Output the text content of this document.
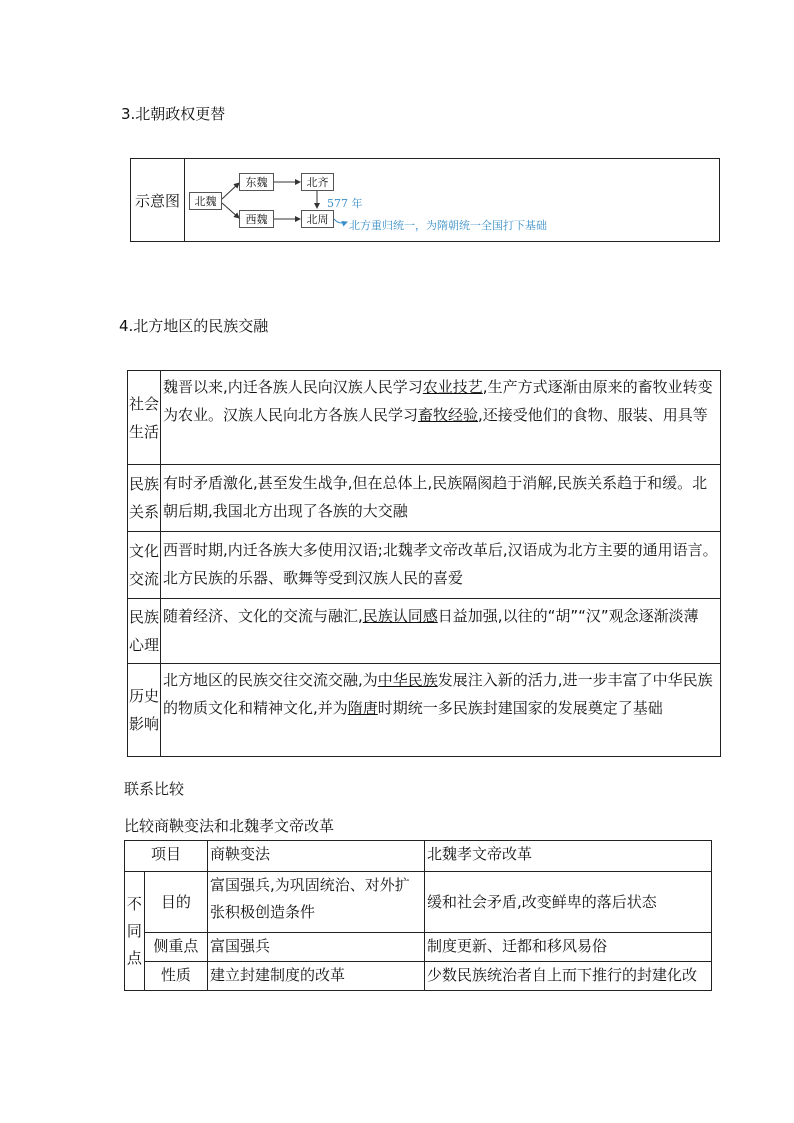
3.北朝政权更替
示意图	北魏
东魏
西魏
北齐
北周
577 年
北方重归统一，为隋朝统一全国打下基础
4.北方地区的民族交融
社会生活	魏晋以来,内迁各族人民向汉族人民学习农业技艺,生产方式逐渐由原来的畜牧业转变为农业。汉族人民向北方各族人民学习畜牧经验,还接受他们的食物、服装、用具等
民族关系	有时矛盾激化,甚至发生战争,但在总体上,民族隔阂趋于消解,民族关系趋于和缓。北朝后期,我国北方出现了各族的大交融
文化交流	西晋时期,内迁各族大多使用汉语;北魏孝文帝改革后,汉语成为北方主要的通用语言。北方民族的乐器、歌舞等受到汉族人民的喜爱
民族心理	随着经济、文化的交流与融汇,民族认同感日益加强,以往的“胡”“汉”观念逐渐淡薄
历史影响	北方地区的民族交往交流交融,为中华民族发展注入新的活力,进一步丰富了中华民族的物质文化和精神文化,并为隋唐时期统一多民族封建国家的发展奠定了基础
联系比较
比较商鞅变法和北魏孝文帝改革
项目		商鞅变法	北魏孝文帝改革
不同点	目的	富国强兵,为巩固统治、对外扩张积极创造条件	缓和社会矛盾,改变鲜卑的落后状态
	侧重点	富国强兵	制度更新、迁都和移风易俗
	性质	建立封建制度的改革	少数民族统治者自上而下推行的封建化改
